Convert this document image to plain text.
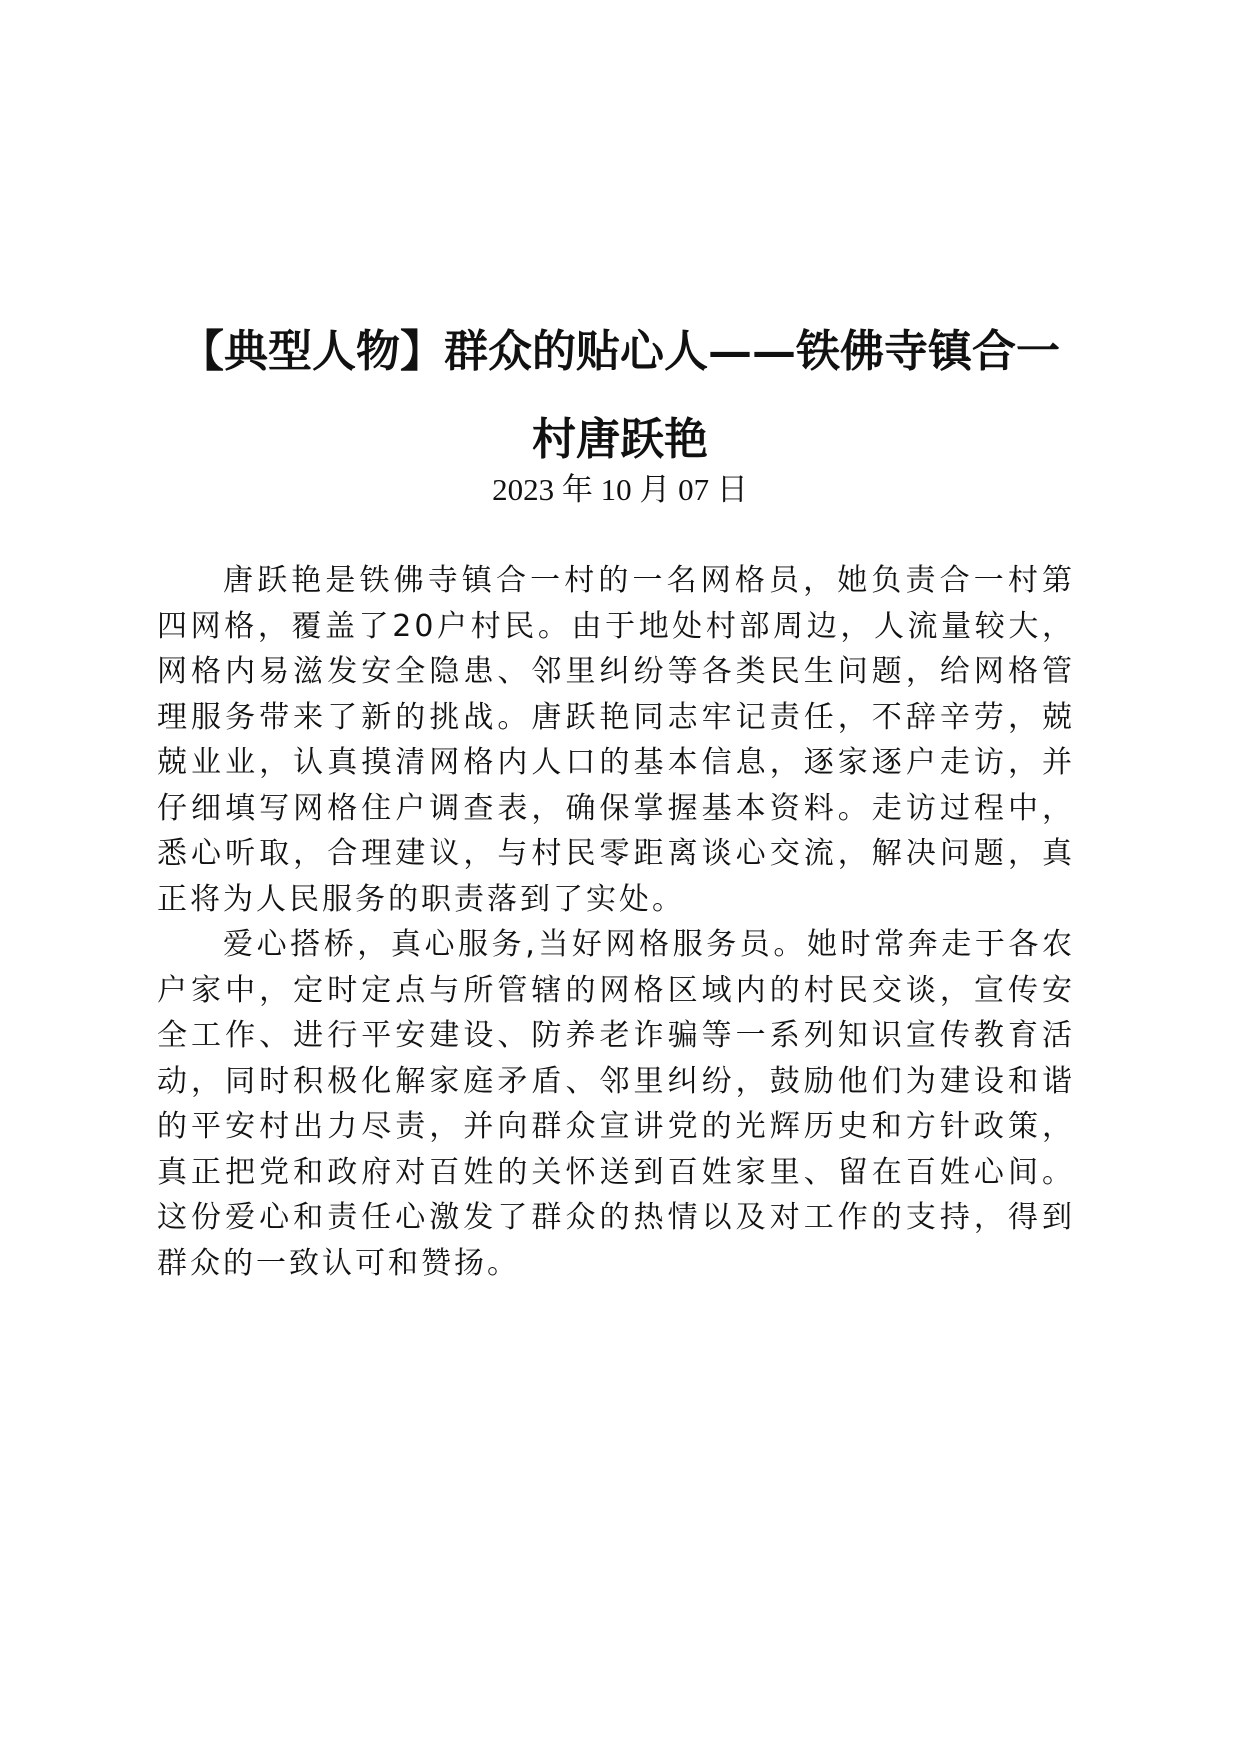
【典型人物】群众的贴心人——铁佛寺镇合一
村唐跃艳
2023 年 10 月 07 日

唐跃艳是铁佛寺镇合一村的一名网格员，她负责合一村第四网格，覆盖了20户村民。由于地处村部周边，人流量较大，网格内易滋发安全隐患、邻里纠纷等各类民生问题，给网格管理服务带来了新的挑战。唐跃艳同志牢记责任，不辞辛劳，兢兢业业，认真摸清网格内人口的基本信息，逐家逐户走访，并仔细填写网格住户调查表，确保掌握基本资料。走访过程中，悉心听取，合理建议，与村民零距离谈心交流，解决问题，真正将为人民服务的职责落到了实处。

爱心搭桥，真心服务,当好网格服务员。她时常奔走于各农户家中，定时定点与所管辖的网格区域内的村民交谈，宣传安全工作、进行平安建设、防养老诈骗等一系列知识宣传教育活动，同时积极化解家庭矛盾、邻里纠纷，鼓励他们为建设和谐的平安村出力尽责，并向群众宣讲党的光辉历史和方针政策，真正把党和政府对百姓的关怀送到百姓家里、留在百姓心间。这份爱心和责任心激发了群众的热情以及对工作的支持，得到群众的一致认可和赞扬。
